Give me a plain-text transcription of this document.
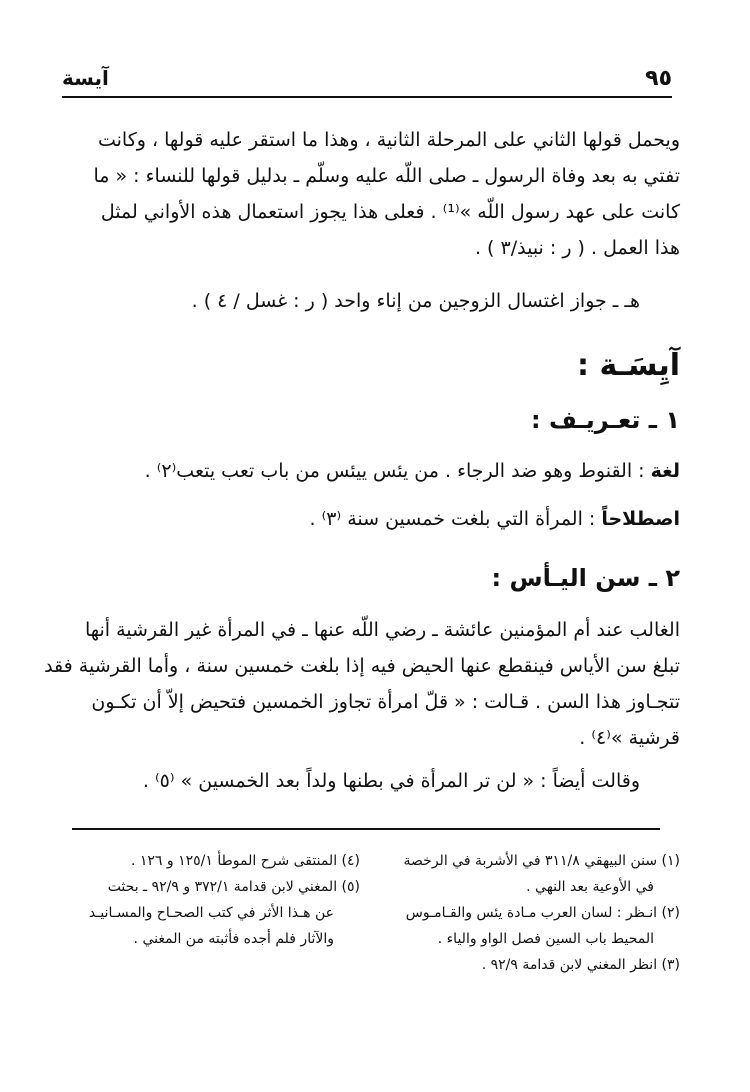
٩٥
آيسة
ويحمل قولها الثاني على المرحلة الثانية ، وهذا ما استقر عليه قولها ، وكانت
تفتي به بعد وفاة الرسول ـ صلى اللّه عليه وسلّم ـ بدليل قولها للنساء : « ما
كانت على عهد رسول اللّه »⁽¹⁾ . فعلى هذا يجوز استعمال هذه الأواني لمثل
هذا العمل . ( ر : نبيذ/٣ ) .
هـ ـ جواز اغتسال الزوجين من إناء واحد ( ر : غسل / ٤ ) .
آيِسَـة :
١ ـ تعـريـف :
لغة : القنوط وهو ضد الرجاء . من يئس ييئس من باب تعب يتعب⁽٢⁾ .
اصطلاحاً : المرأة التي بلغت خمسين سنة ⁽٣⁾ .
٢ ـ سن اليـأس :
الغالب عند أم المؤمنين عائشة ـ رضي اللّه عنها ـ في المرأة غير القرشية أنها
تبلغ سن الأياس فينقطع عنها الحيض فيه إذا بلغت خمسين سنة ، وأما القرشية فقد
تتجـاوز هذا السن . قـالت : « قلّ امرأة تجاوز الخمسين فتحيض إلاّ أن تكـون
قرشية »⁽٤⁾ .
وقالت أيضاً : « لن تر المرأة في بطنها ولداً بعد الخمسين » ⁽٥⁾ .
(١) سنن البيهقي ٣١١/٨ في الأشربة في الرخصة
في الأوعية بعد النهي .
(٢) انـظر : لسان العرب مـادة يئس والقـامـوس
المحيط باب السين فصل الواو والياء .
(٣) انظر المغني لابن قدامة ٩٢/٩ .
(٤) المنتقى شرح الموطأ ١٢٥/١ و ١٢٦ .
(٥) المغني لابن قدامة ٣٧٢/١ و ٩٢/٩ ـ بحثت
عن هـذا الأثر في كتب الصحـاح والمسـانيـد
والآثار فلم أجده فأثبته من المغني .
